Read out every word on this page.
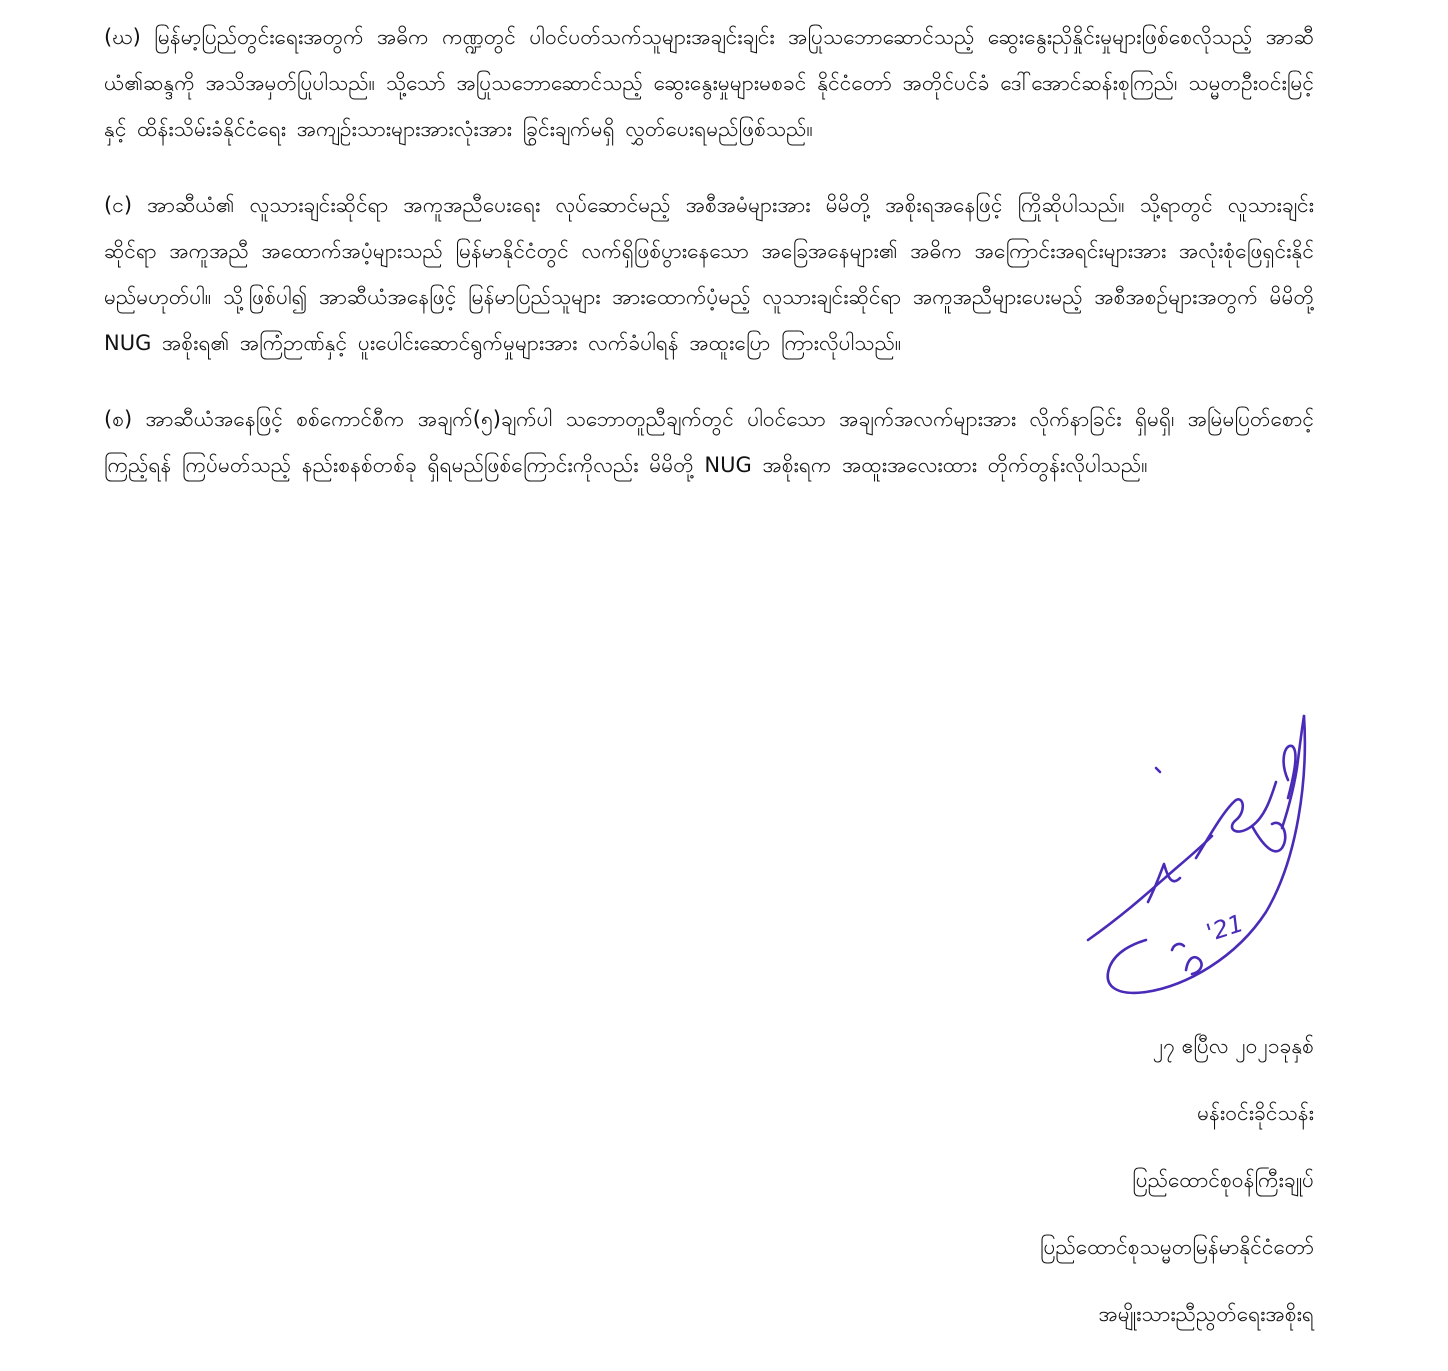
(ဃ) မြန်မာ့ပြည်တွင်းရေးအတွက် အဓိက ကဏ္ဍတွင် ပါဝင်ပတ်သက်သူများအချင်းချင်း အပြုသဘောဆောင်သည့် ဆွေးနွေးညှိနှိုင်းမှုများဖြစ်စေလိုသည့် အာဆီယံ၏ဆန္ဒကို အသိအမှတ်ပြုပါသည်။ သို့သော် အပြုသဘောဆောင်သည့် ဆွေးနွေးမှုများမစခင် နိုင်ငံတော် အတိုင်ပင်ခံ ဒေါ်အောင်ဆန်းစုကြည်၊ သမ္မတဦးဝင်းမြင့်နှင့် ထိန်းသိမ်းခံနိုင်ငံရေး အကျဉ်းသားများအားလုံးအား ခြွင်းချက်မရှိ လွှတ်ပေးရမည်ဖြစ်သည်။

(င) အာဆီယံ၏ လူသားချင်းဆိုင်ရာ အကူအညီပေးရေး လုပ်ဆောင်မည့် အစီအမံများအား မိမိတို့ အစိုးရအနေဖြင့် ကြိုဆိုပါသည်။ သို့ရာတွင် လူသားချင်းဆိုင်ရာ အကူအညီ အထောက်အပံ့များသည် မြန်မာနိုင်ငံတွင် လက်ရှိဖြစ်ပွားနေသော အခြေအနေများ၏ အဓိက အကြောင်းအရင်းများအား အလုံးစုံဖြေရှင်းနိုင်မည်မဟုတ်ပါ။ သို့ဖြစ်ပါ၍ အာဆီယံအနေဖြင့် မြန်မာပြည်သူများ အားထောက်ပံ့မည့် လူသားချင်းဆိုင်ရာ အကူအညီများပေးမည့် အစီအစဉ်များအတွက် မိမိတို့ NUG အစိုးရ၏ အကြံဉာဏ်နှင့် ပူးပေါင်းဆောင်ရွက်မှုများအား လက်ခံပါရန် အထူးပြော ကြားလိုပါသည်။

(စ) အာဆီယံအနေဖြင့် စစ်ကောင်စီက အချက်(၅)ချက်ပါ သဘောတူညီချက်တွင် ပါဝင်သော အချက်အလက်များအား လိုက်နာခြင်း ရှိမရှိ၊ အမြဲမပြတ်စောင့်ကြည့်ရန် ကြပ်မတ်သည့် နည်းစနစ်တစ်ခု ရှိရမည်ဖြစ်ကြောင်းကိုလည်း မိမိတို့ NUG အစိုးရက အထူးအလေးထား တိုက်တွန်းလိုပါသည်။

'21
၂၇ ဧပြီလ ၂၀၂၁ခုနှစ်
မန်းဝင်းခိုင်သန်း
ပြည်ထောင်စုဝန်ကြီးချုပ်
ပြည်ထောင်စုသမ္မတမြန်မာနိုင်ငံတော်
အမျိုးသားညီညွတ်ရေးအစိုးရ
